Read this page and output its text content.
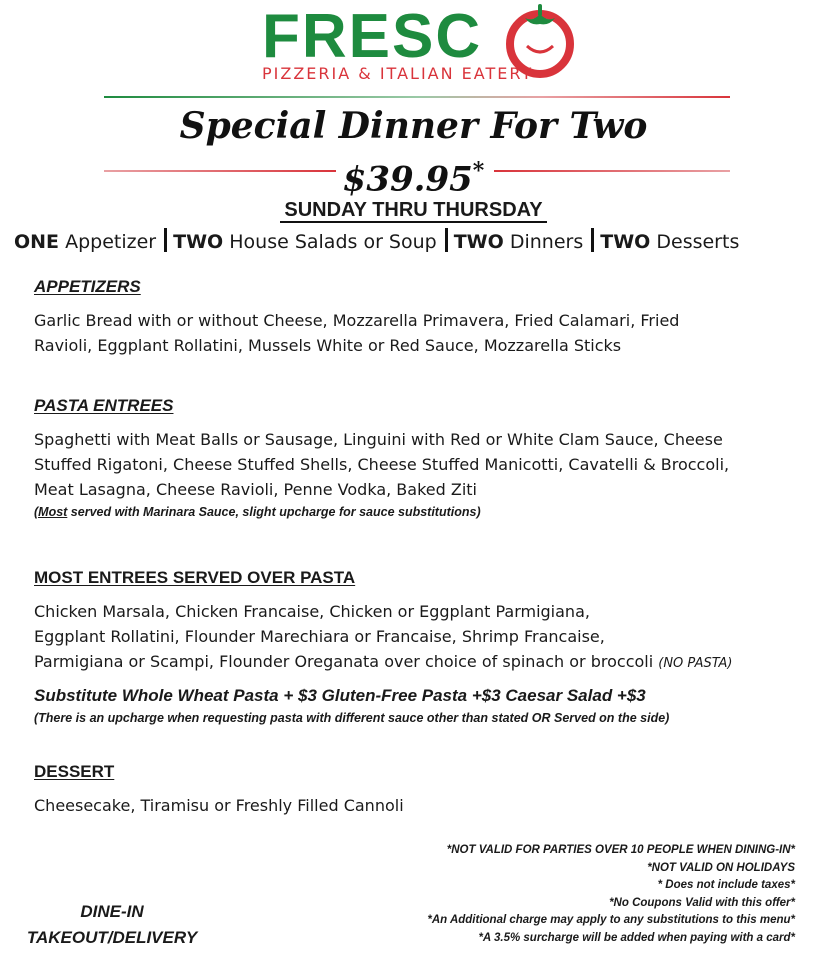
FRESC
PIZZERIA & ITALIAN EATERY
Special Dinner For Two
$39.95*
SUNDAY THRU THURSDAY
ONE Appetizer TWO House Salads or Soup TWO Dinners TWO Desserts
APPETIZERS
Garlic Bread with or without Cheese, Mozzarella Primavera, Fried Calamari, Fried
Ravioli, Eggplant Rollatini, Mussels White or Red Sauce, Mozzarella Sticks
PASTA ENTREES
Spaghetti with Meat Balls or Sausage, Linguini with Red or White Clam Sauce, Cheese
Stuffed Rigatoni, Cheese Stuffed Shells, Cheese Stuffed Manicotti, Cavatelli & Broccoli,
Meat Lasagna, Cheese Ravioli, Penne Vodka, Baked Ziti
(Most served with Marinara Sauce, slight upcharge for sauce substitutions)
MOST ENTREES SERVED OVER PASTA
Chicken Marsala, Chicken Francaise, Chicken or Eggplant Parmigiana,
Eggplant Rollatini, Flounder Marechiara or Francaise, Shrimp Francaise,
Parmigiana or Scampi, Flounder Oreganata over choice of spinach or broccoli (NO PASTA)
Substitute Whole Wheat Pasta + $3 Gluten-Free Pasta +$3 Caesar Salad +$3
(There is an upcharge when requesting pasta with different sauce other than stated OR Served on the side)
DESSERT
Cheesecake, Tiramisu or Freshly Filled Cannoli
*NOT VALID FOR PARTIES OVER 10 PEOPLE WHEN DINING-IN*
*NOT VALID ON HOLIDAYS
* Does not include taxes*
*No Coupons Valid with this offer*
*An Additional charge may apply to any substitutions to this menu*
*A 3.5% surcharge will be added when paying with a card*
DINE-IN
TAKEOUT/DELIVERY
